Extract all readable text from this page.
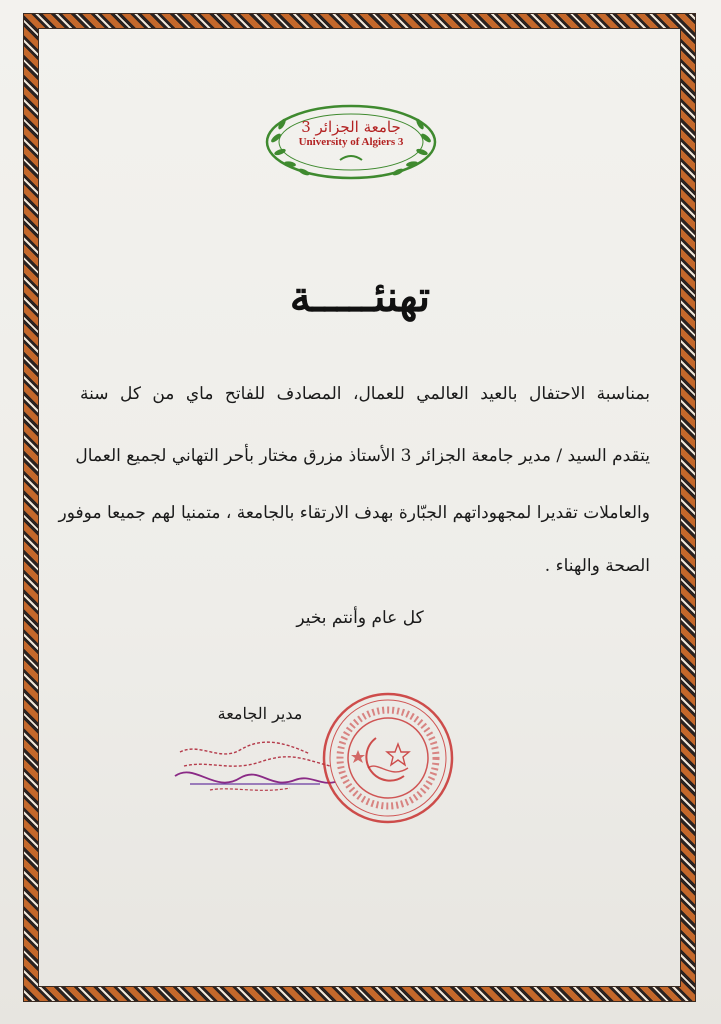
جامعة الجزائر 3
University of Algiers 3
تهنئـــــة
بمناسبة الاحتفال بالعيد العالمي للعمال، المصادف للفاتح ماي من كل سنة
يتقدم السيد / مدير جامعة الجزائر 3 الأستاذ مزرق مختار بأحر التهاني لجميع العمال
والعاملات تقديرا لمجهوداتهم الجبّارة بهدف الارتقاء بالجامعة ، متمنيا لهم جميعا موفور
الصحة والهناء .
كل عام وأنتم بخير
مدير الجامعة
